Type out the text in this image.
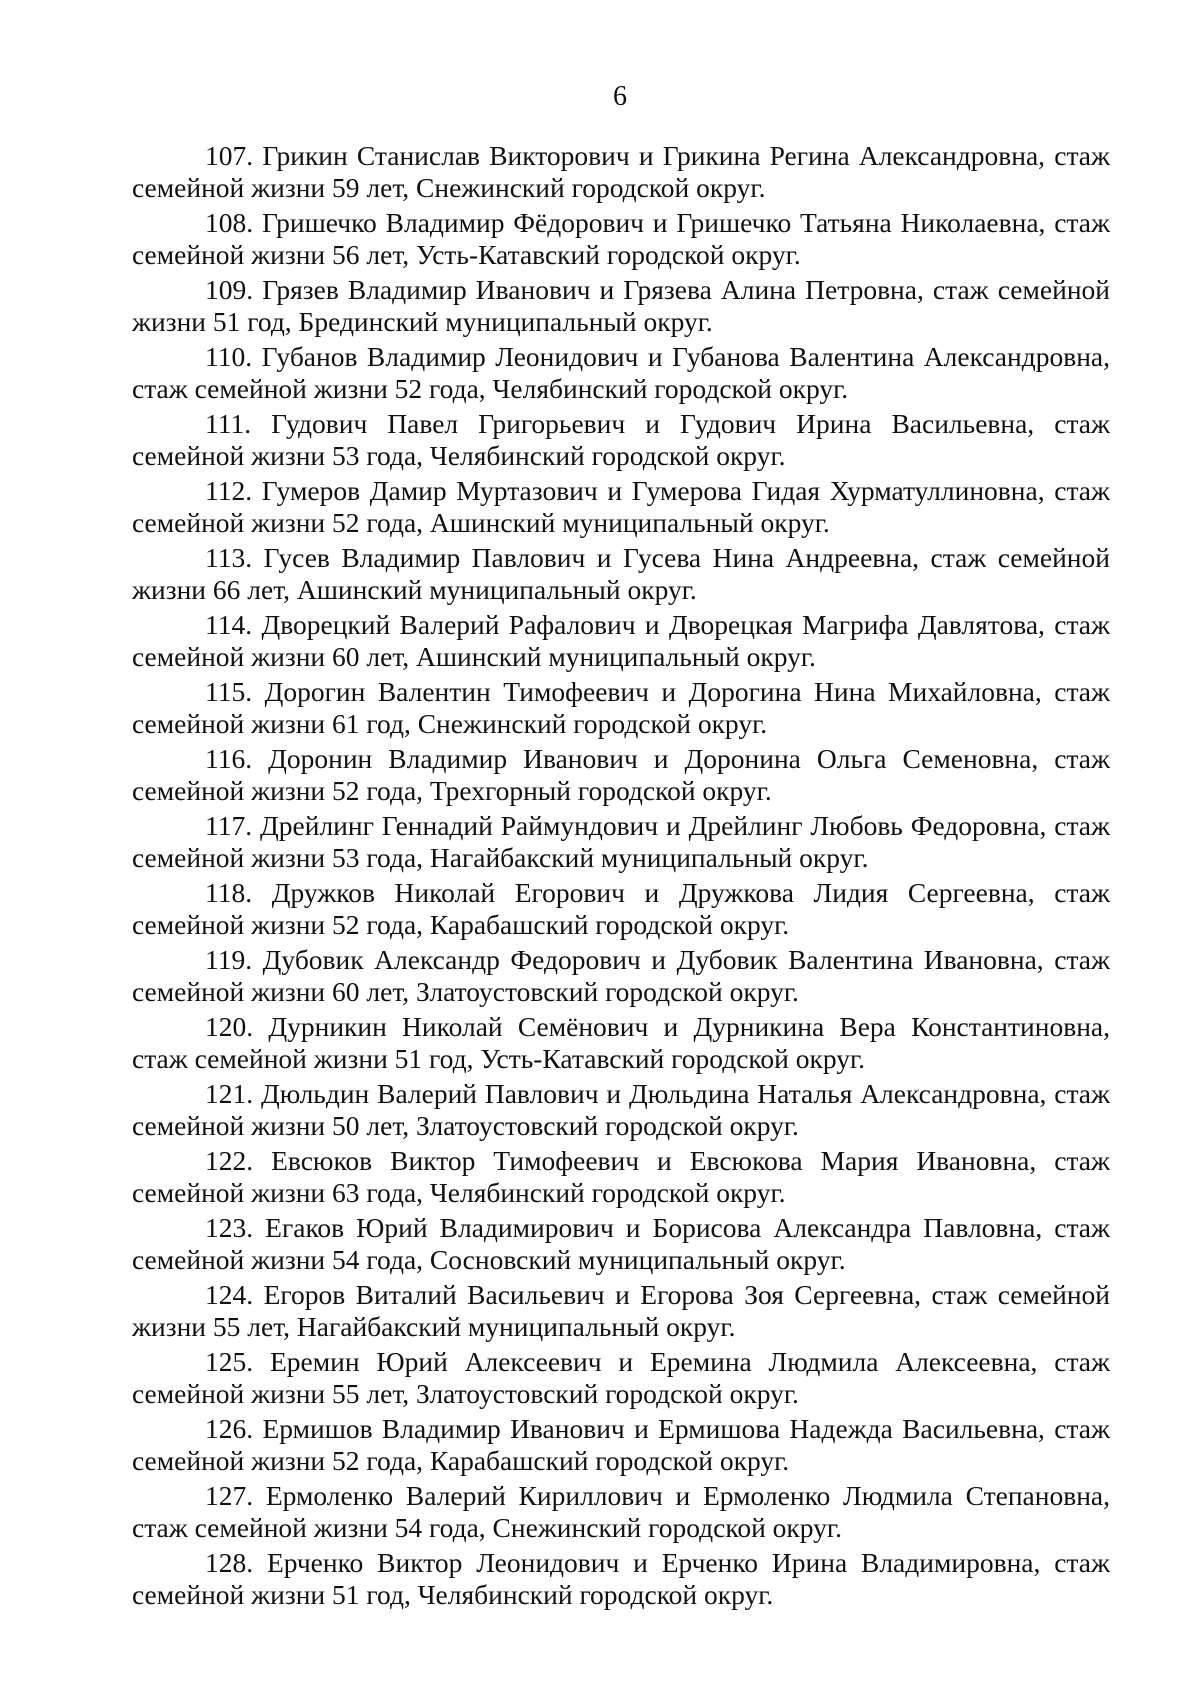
6

107. Грикин Станислав Викторович и Грикина Регина Александровна, стаж семейной жизни 59 лет, Снежинский городской округ.

108. Гришечко Владимир Фёдорович и Гришечко Татьяна Николаевна, стаж семейной жизни 56 лет, Усть-Катавский городской округ.

109. Грязев Владимир Иванович и Грязева Алина Петровна, стаж семейной жизни 51 год, Брединский муниципальный округ.

110. Губанов Владимир Леонидович и Губанова Валентина Александровна, стаж семейной жизни 52 года, Челябинский городской округ.

111. Гудович Павел Григорьевич и Гудович Ирина Васильевна, стаж семейной жизни 53 года, Челябинский городской округ.

112. Гумеров Дамир Муртазович и Гумерова Гидая Хурматуллиновна, стаж семейной жизни 52 года, Ашинский муниципальный округ.

113. Гусев Владимир Павлович и Гусева Нина Андреевна, стаж семейной жизни 66 лет, Ашинский муниципальный округ.

114. Дворецкий Валерий Рафалович и Дворецкая Магрифа Давлятова, стаж семейной жизни 60 лет, Ашинский муниципальный округ.

115. Дорогин Валентин Тимофеевич и Дорогина Нина Михайловна, стаж семейной жизни 61 год, Снежинский городской округ.

116. Доронин Владимир Иванович и Доронина Ольга Семеновна, стаж семейной жизни 52 года, Трехгорный городской округ.

117. Дрейлинг Геннадий Раймундович и Дрейлинг Любовь Федоровна, стаж семейной жизни 53 года, Нагайбакский муниципальный округ.

118. Дружков Николай Егорович и Дружкова Лидия Сергеевна, стаж семейной жизни 52 года, Карабашский городской округ.

119. Дубовик Александр Федорович и Дубовик Валентина Ивановна, стаж семейной жизни 60 лет, Златоустовский городской округ.

120. Дурникин Николай Семёнович и Дурникина Вера Константиновна, стаж семейной жизни 51 год, Усть-Катавский городской округ.

121. Дюльдин Валерий Павлович и Дюльдина Наталья Александровна, стаж семейной жизни 50 лет, Златоустовский городской округ.

122. Евсюков Виктор Тимофеевич и Евсюкова Мария Ивановна, стаж семейной жизни 63 года, Челябинский городской округ.

123. Егаков Юрий Владимирович и Борисова Александра Павловна, стаж семейной жизни 54 года, Сосновский муниципальный округ.

124. Егоров Виталий Васильевич и Егорова Зоя Сергеевна, стаж семейной жизни 55 лет, Нагайбакский муниципальный округ.

125. Еремин Юрий Алексеевич и Еремина Людмила Алексеевна, стаж семейной жизни 55 лет, Златоустовский городской округ.

126. Ермишов Владимир Иванович и Ермишова Надежда Васильевна, стаж семейной жизни 52 года, Карабашский городской округ.

127. Ермоленко Валерий Кириллович и Ермоленко Людмила Степановна, стаж семейной жизни 54 года, Снежинский городской округ.

128. Ерченко Виктор Леонидович и Ерченко Ирина Владимировна, стаж семейной жизни 51 год, Челябинский городской округ.
